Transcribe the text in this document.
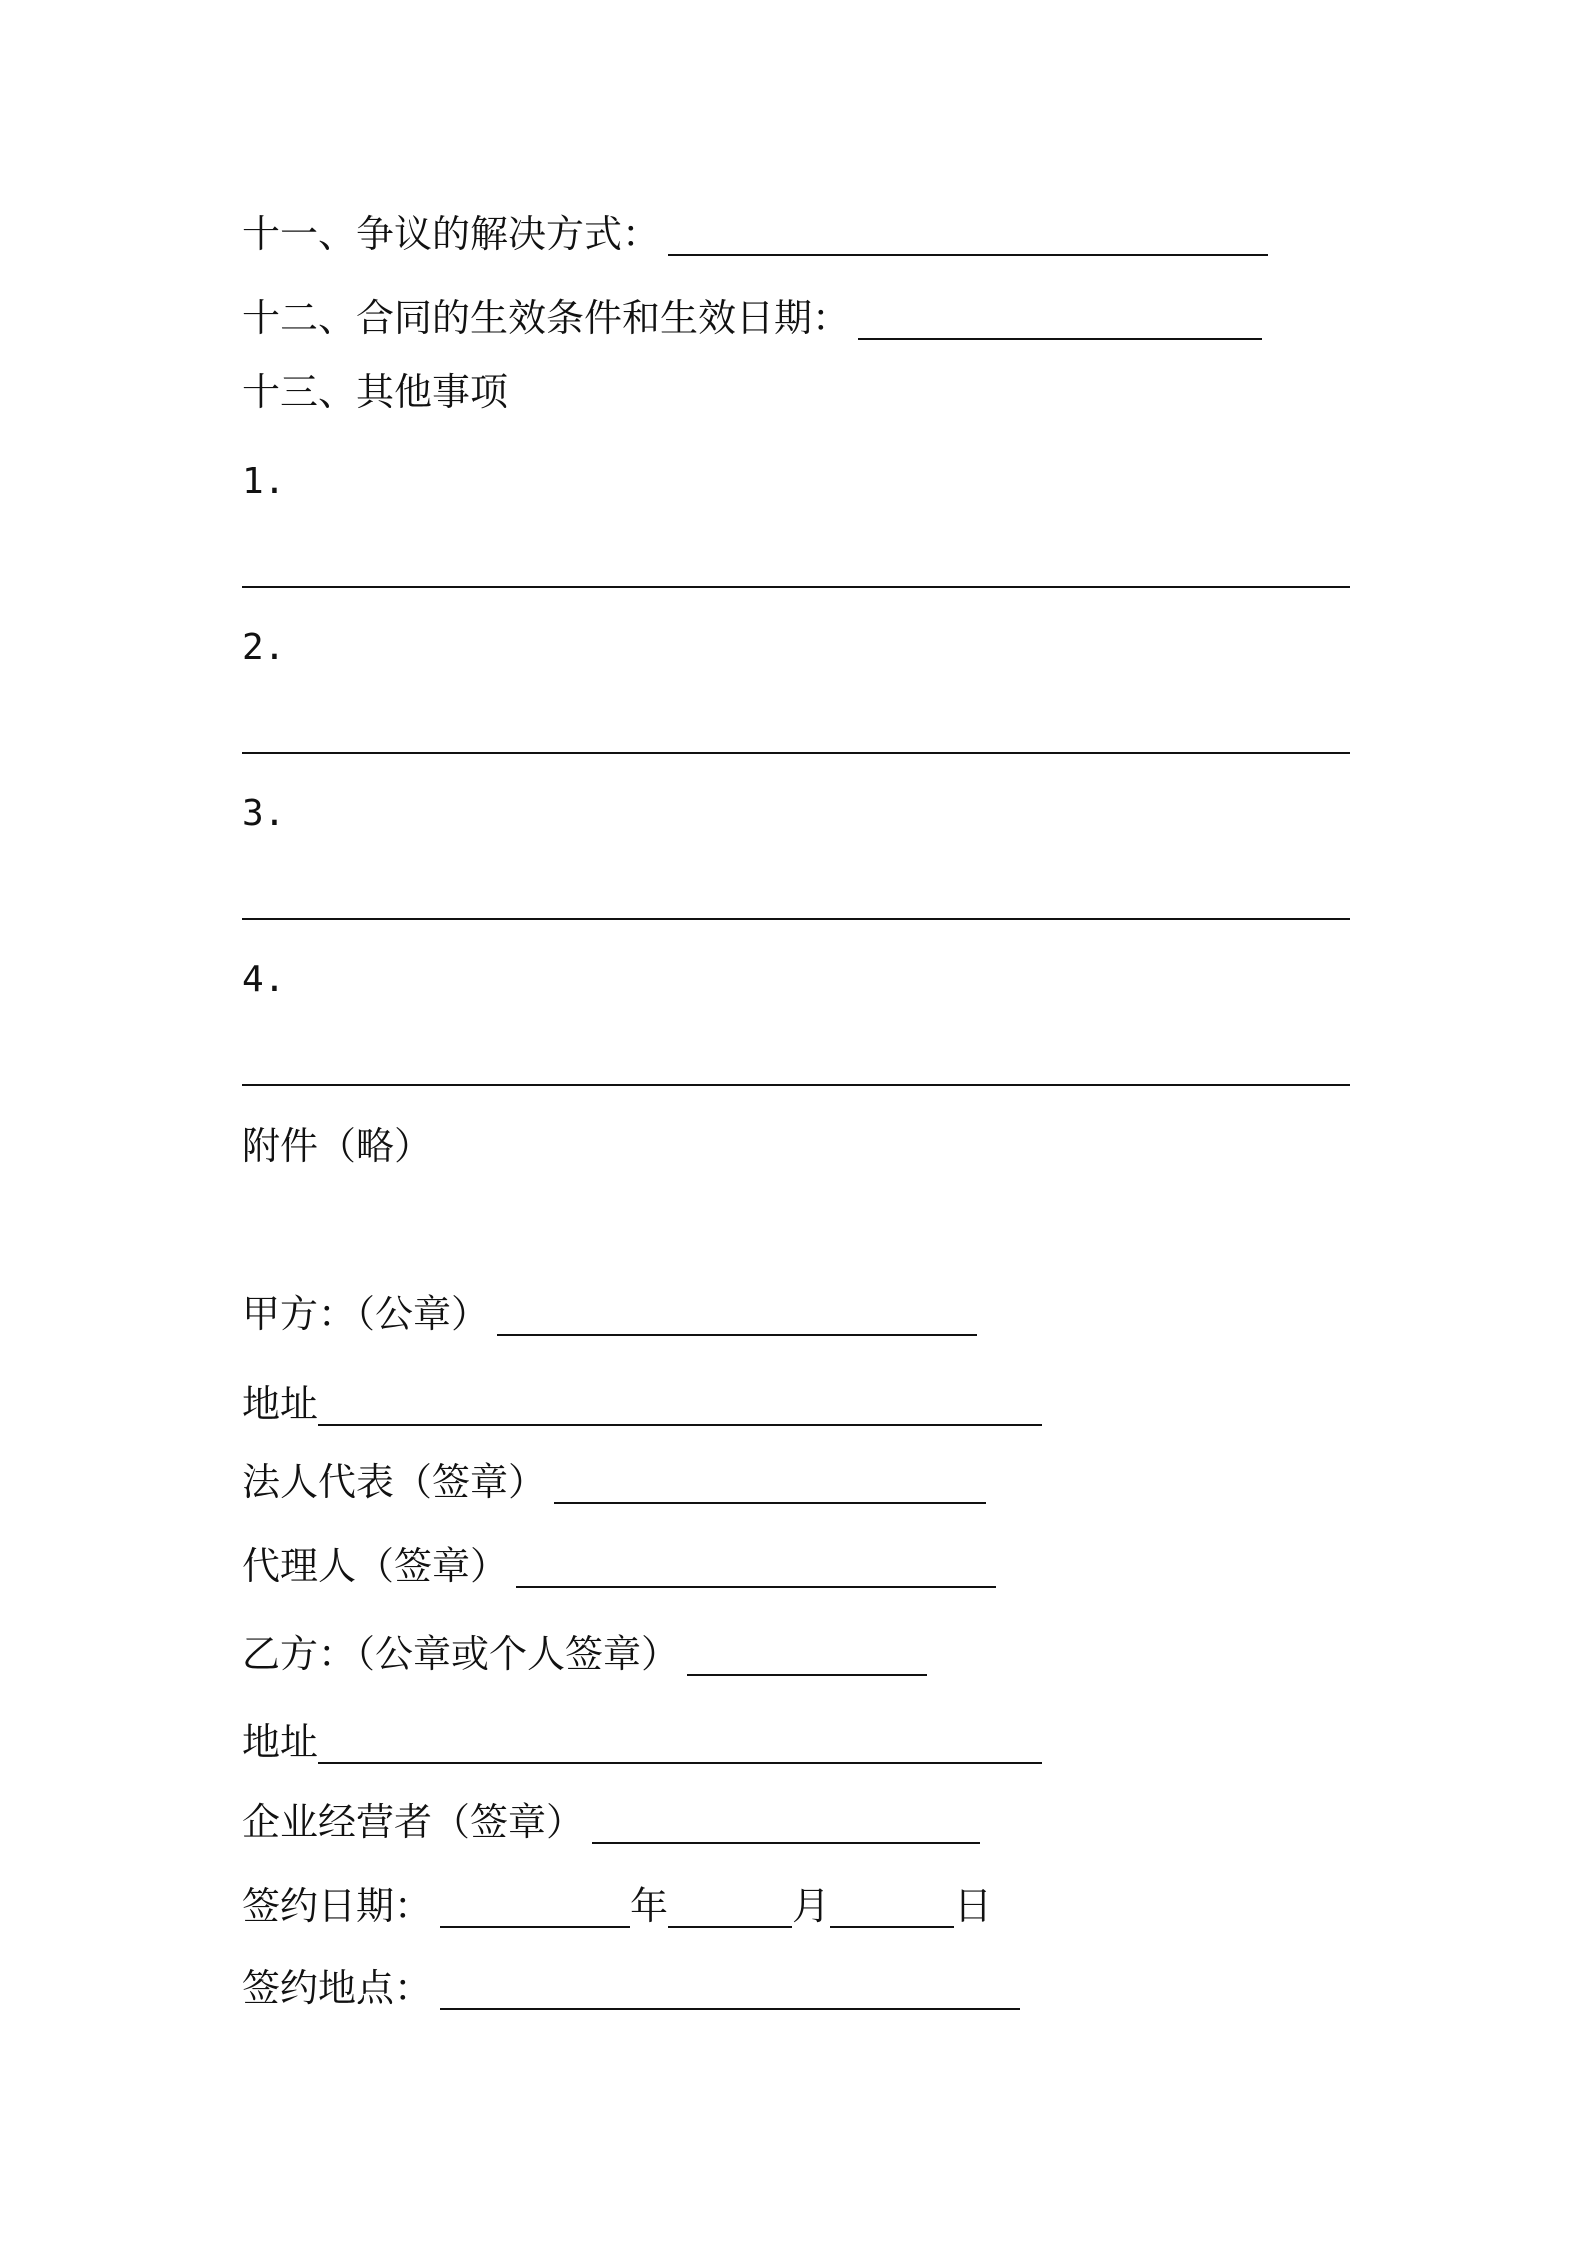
十一、争议的解决方式：
十二、合同的生效条件和生效日期：
十三、其他事项
1.
2.
3.
4.
附件（略）
甲方：（公章）
地址
法人代表（签章）
代理人（签章）
乙方：（公章或个人签章）
地址
企业经营者（签章）
签约日期：	年	月	日
签约地点：
